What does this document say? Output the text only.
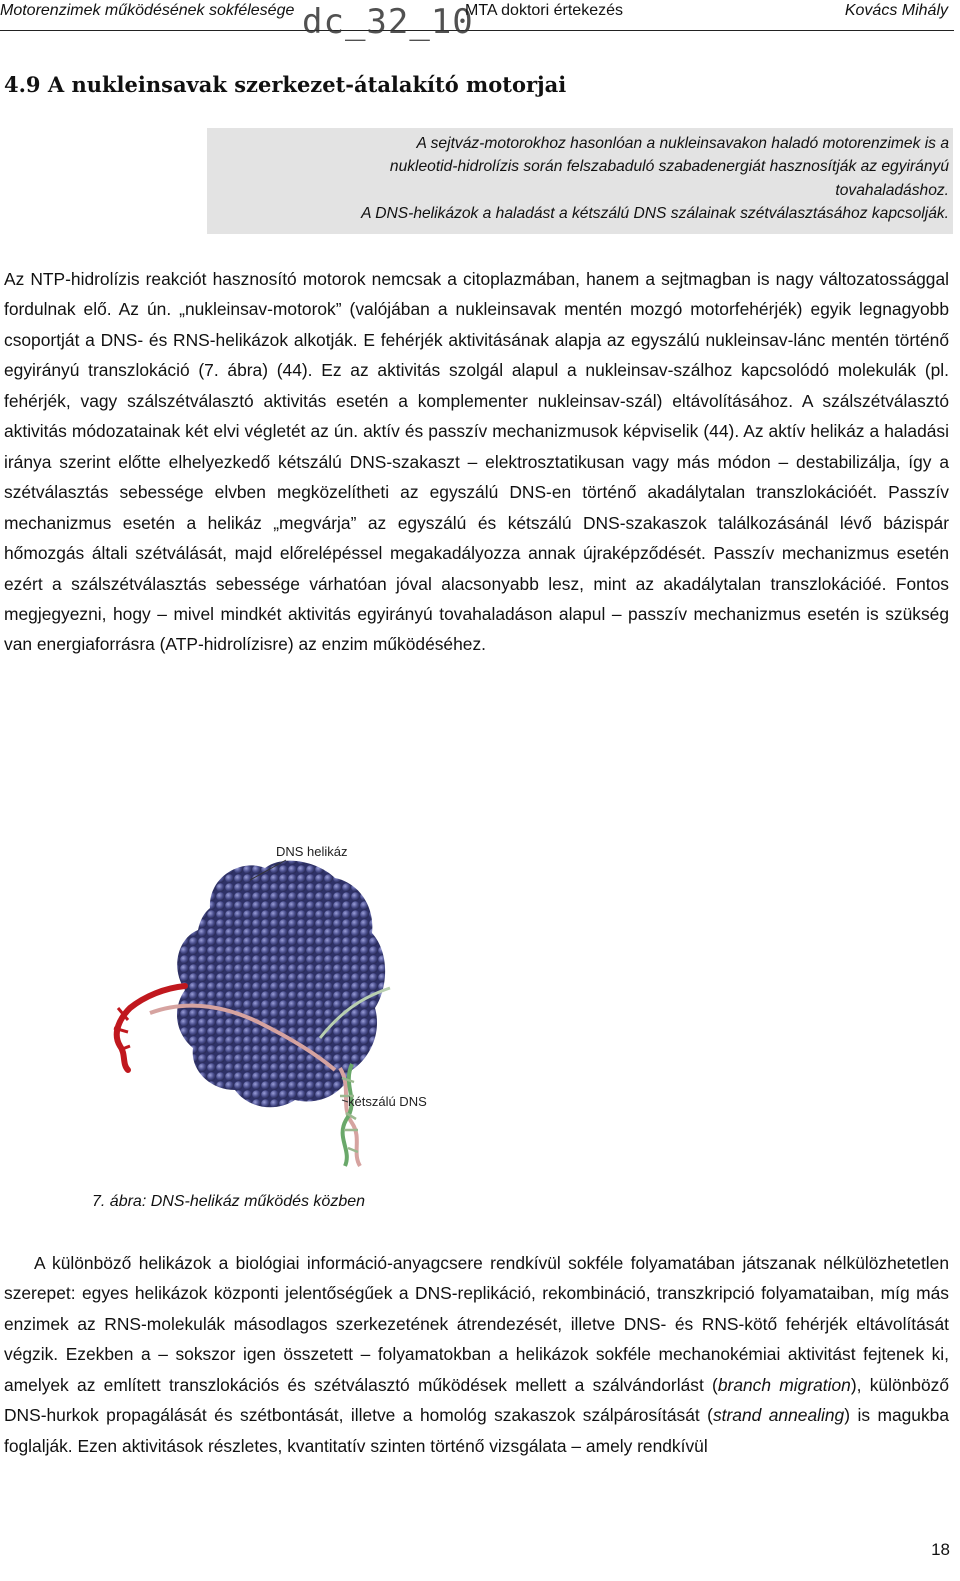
Motorenzimek működésének sokfélesége dc_32_10
MTA doktori értekezés	Kovács Mihály
4.9 A nukleinsavak szerkezet-átalakító motorjai

A sejtváz-motorokhoz hasonlóan a nukleinsavakon haladó motorenzimek is a
nukleotid-hidrolízis során felszabaduló szabadenergiát hasznosítják az egyirányú
tovahaladáshoz.
A DNS-helikázok a haladást a kétszálú DNS szálainak szétválasztásához kapcsolják.

Az NTP-hidrolízis reakciót hasznosító motorok nemcsak a citoplazmában, hanem a sejtmagban is nagy változatossággal fordulnak elő. Az ún. „nukleinsav-motorok” (valójában a nukleinsavak mentén mozgó motorfehérjék) egyik legnagyobb csoportját a DNS- és RNS-helikázok alkotják. E fehérjék aktivitásának alapja az egyszálú nukleinsav-lánc mentén történő egyirányú transzlokáció (7. ábra) (44). Ez az aktivitás szolgál alapul a nukleinsav-szálhoz kapcsolódó molekulák (pl. fehérjék, vagy szálszétválasztó aktivitás esetén a komplementer nukleinsav-szál) eltávolításához. A szálszétválasztó aktivitás módozatainak két elvi végletét az ún. aktív és passzív mechanizmusok képviselik (44). Az aktív helikáz a haladási iránya szerint előtte elhelyezkedő kétszálú DNS-szakaszt – elektrosztatikusan vagy más módon – destabilizálja, így a szétválasztás sebessége elvben megközelítheti az egyszálú DNS-en történő akadálytalan transzlokációét. Passzív mechanizmus esetén a helikáz „megvárja” az egyszálú és kétszálú DNS-szakaszok találkozásánál lévő bázispár hőmozgás általi szétválását, majd előrelépéssel megakadályozza annak újraképződését. Passzív mechanizmus esetén ezért a szálszétválasztás sebessége várhatóan jóval alacsonyabb lesz, mint az akadálytalan transzlokációé. Fontos megjegyezni, hogy – mivel mindkét aktivitás egyirányú tovahaladáson alapul – passzív mechanizmus esetén is szükség van energiaforrásra (ATP-hidrolízisre) az enzim működéséhez.

DNS helikáz
kétszálú DNS
7. ábra: DNS-helikáz működés közben

A különböző helikázok a biológiai információ-anyagcsere rendkívül sokféle folyamatában játszanak nélkülözhetetlen szerepet: egyes helikázok központi jelentőségűek a DNS-replikáció, rekombináció, transzkripció folyamataiban, míg más enzimek az RNS-molekulák másodlagos szerkezetének átrendezését, illetve DNS- és RNS-kötő fehérjék eltávolítását végzik. Ezekben a – sokszor igen összetett – folyamatokban a helikázok sokféle mechanokémiai aktivitást fejtenek ki, amelyek az említett transzlokációs és szétválasztó működések mellett a szálvándorlást (branch migration), különböző DNS-hurkok propagálását és szétbontását, illetve a homológ szakaszok szálpárosítását (strand annealing) is magukba foglalják. Ezen aktivitások részletes, kvantitatív szinten történő vizsgálata – amely rendkívül

18
